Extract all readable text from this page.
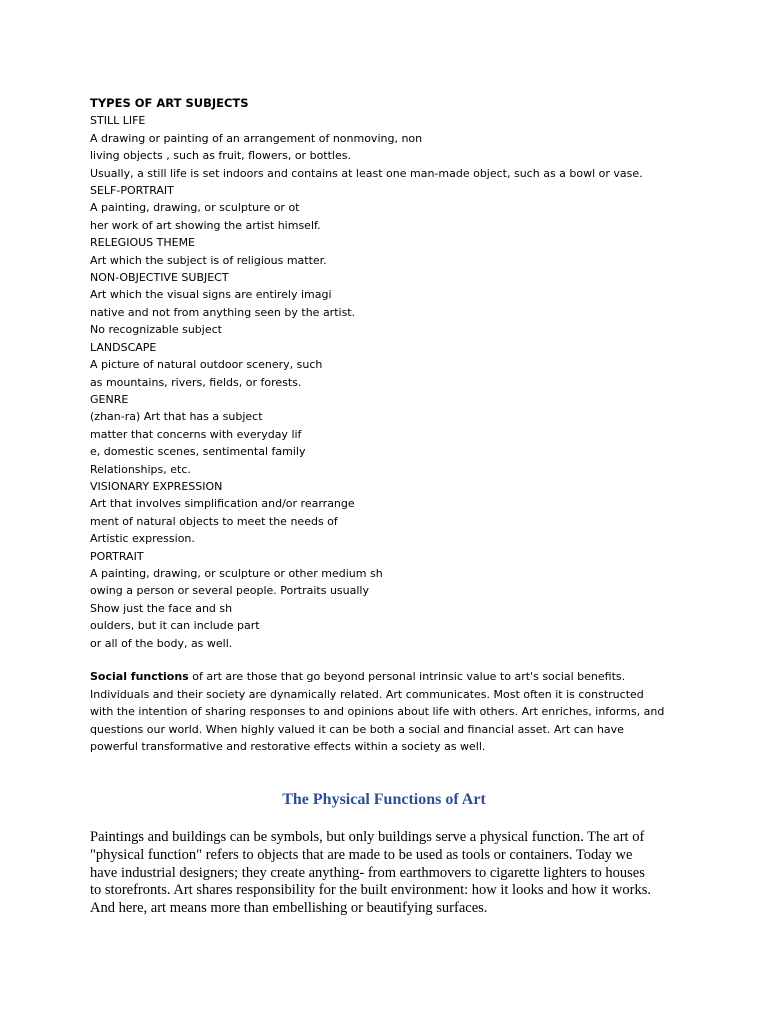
TYPES OF ART SUBJECTS
STILL LIFE
A drawing or painting of an arrangement of nonmoving, non
living objects , such as fruit, flowers, or bottles.
Usually, a still life is set indoors and contains at least one man-made object, such as a bowl or vase.
SELF-PORTRAIT
A painting, drawing, or sculpture or ot
her work of art showing the artist himself.
RELEGIOUS THEME
Art which the subject is of religious matter.
NON-OBJECTIVE SUBJECT
Art which the visual signs are entirely imagi
native and not from anything seen by the artist.
No recognizable subject
LANDSCAPE
A picture of natural outdoor scenery, such
as mountains, rivers, fields, or forests.
GENRE
(zhan-ra) Art that has a subject
matter that concerns with everyday lif
e, domestic scenes, sentimental family
Relationships, etc.
VISIONARY EXPRESSION
Art that involves simplification and/or rearrange
ment of natural objects to meet the needs of
Artistic expression.
PORTRAIT
A painting, drawing, or sculpture or other medium sh
owing a person or several people. Portraits usually
Show just the face and sh
oulders, but it can include part
or all of the body, as well.
Social functions of art are those that go beyond personal intrinsic value to art's social benefits.
Individuals and their society are dynamically related. Art communicates. Most often it is constructed
with the intention of sharing responses to and opinions about life with others. Art enriches, informs, and
questions our world. When highly valued it can be both a social and financial asset. Art can have
powerful transformative and restorative effects within a society as well.
The Physical Functions of Art
Paintings and buildings can be symbols, but only buildings serve a physical function. The art of
"physical function" refers to objects that are made to be used as tools or containers. Today we
have industrial designers; they create anything- from earthmovers to cigarette lighters to houses
to storefronts. Art shares responsibility for the built environment: how it looks and how it works.
And here, art means more than embellishing or beautifying surfaces.
